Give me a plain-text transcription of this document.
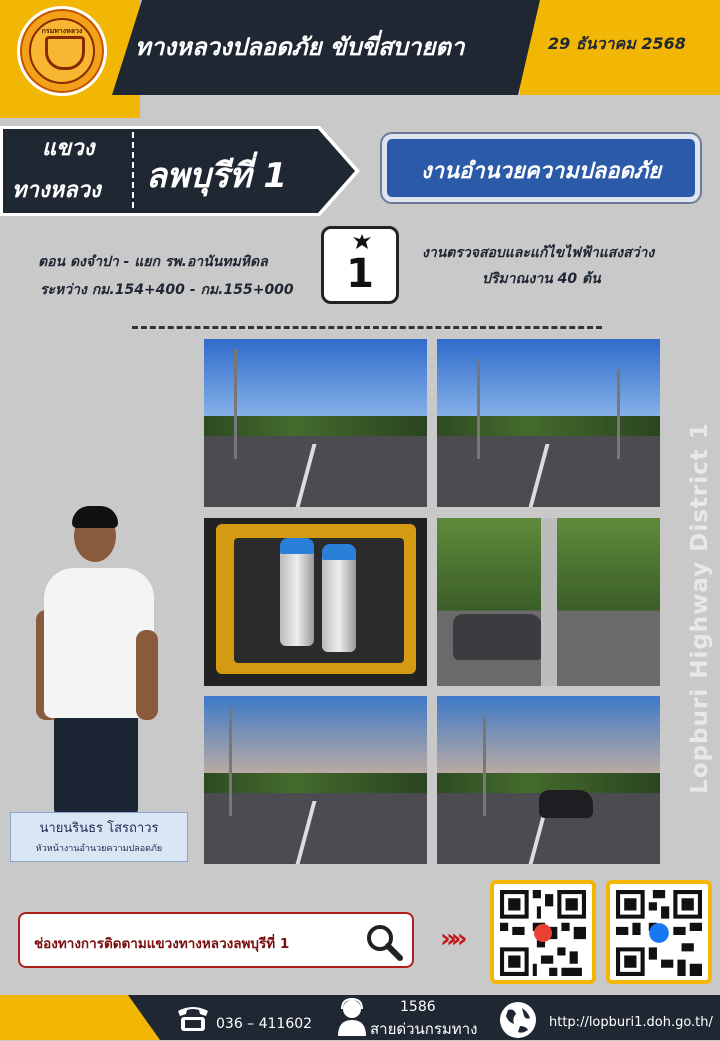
กรมทางหลวง
ทางหลวงปลอดภัย ขับขี่สบายตา	29 ธันวาคม 2568
แขวง
ทางหลวง ลพบุรีที่ 1	งานอำนวยความปลอดภัย
ตอน ดงจำปา - แยก รพ.อานันทมหิดล
ระหว่าง กม.154+400 - กม.155+000	1	งานตรวจสอบและแก้ไขไฟฟ้าแสงสว่าง
ปริมาณงาน 40 ต้น
นายนรินธร โสรถาวร
หัวหน้างานอำนวยความปลอดภัย
Lopburi Highway District 1
ช่องทางการติดตามแขวงทางหลวงลพบุรีที่ 1	»»
036 – 411602
1586
สายด่วนกรมทาง	http://lopburi1.doh.go.th/
